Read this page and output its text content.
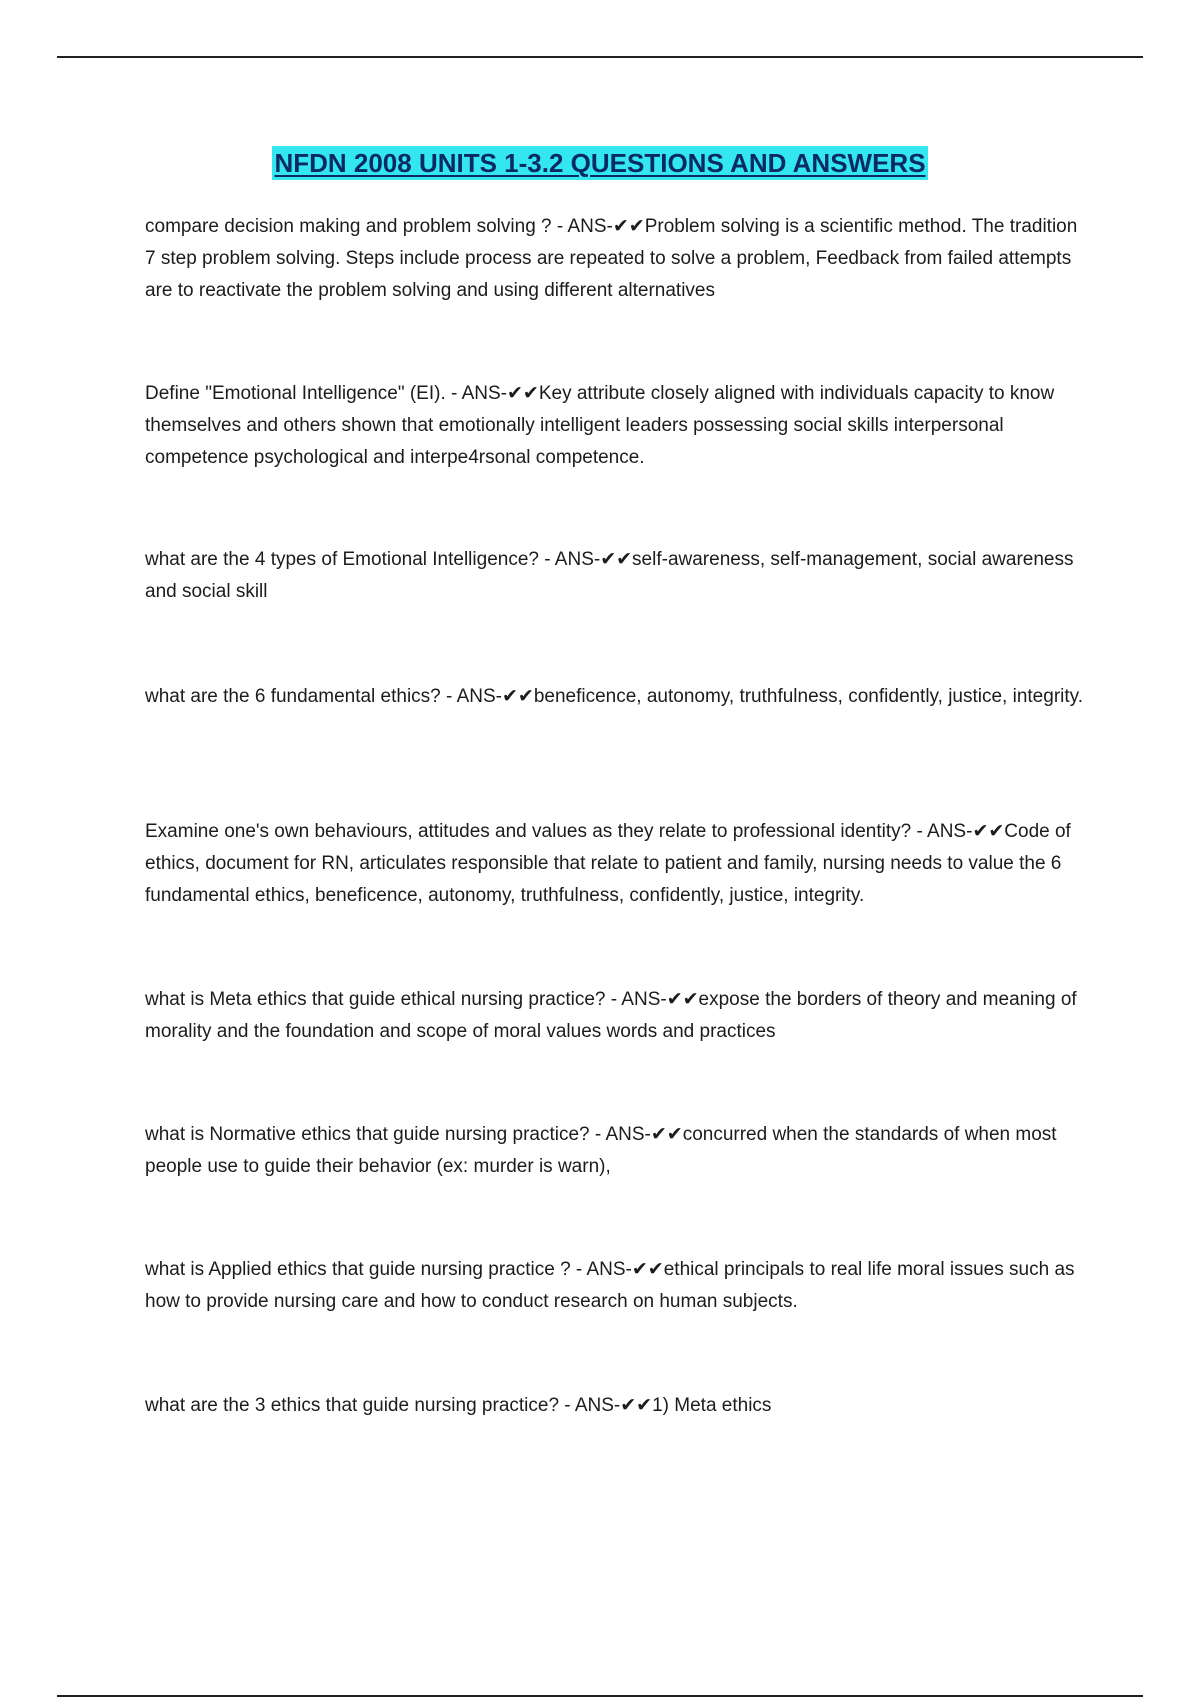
NFDN 2008 UNITS 1-3.2 QUESTIONS AND ANSWERS

compare decision making and problem solving ? - ANS-✔✔Problem solving is a scientific method. The tradition 7 step problem solving. Steps include process are repeated to solve a problem, Feedback from failed attempts are to reactivate the problem solving and using different alternatives

Define "Emotional Intelligence" (EI). - ANS-✔✔Key attribute closely aligned with individuals capacity to know themselves and others shown that emotionally intelligent leaders possessing social skills interpersonal competence psychological and interpe4rsonal competence.

what are the 4 types of Emotional Intelligence? - ANS-✔✔self-awareness, self-management, social awareness and social skill

what are the 6 fundamental ethics? - ANS-✔✔beneficence, autonomy, truthfulness, confidently, justice, integrity.

Examine one's own behaviours, attitudes and values as they relate to professional identity? - ANS-✔✔Code of ethics, document for RN, articulates responsible that relate to patient and family, nursing needs to value the 6 fundamental ethics, beneficence, autonomy, truthfulness, confidently, justice, integrity.

what is Meta ethics that guide ethical nursing practice? - ANS-✔✔expose the borders of theory and meaning of morality and the foundation and scope of moral values words and practices

what is Normative ethics that guide nursing practice? - ANS-✔✔concurred when the standards of when most people use to guide their behavior (ex: murder is warn),

what is Applied ethics that guide nursing practice ? - ANS-✔✔ethical principals to real life moral issues such as how to provide nursing care and how to conduct research on human subjects.

what are the 3 ethics that guide nursing practice? - ANS-✔✔1) Meta ethics
